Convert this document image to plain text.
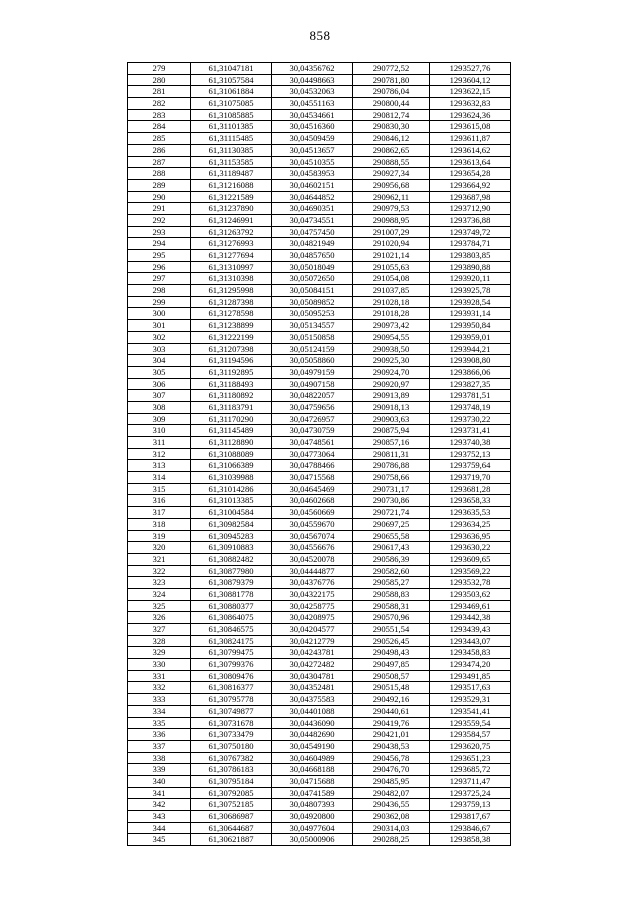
858
279	61,31047181	30,04356762	290772,52	1293527,76
280	61,31057584	30,04498663	290781,80	1293604,12
281	61,31061884	30,04532063	290786,04	1293622,15
282	61,31075085	30,04551163	290800,44	1293632,83
283	61,31085885	30,04534661	290812,74	1293624,36
284	61,31101385	30,04516360	290830,30	1293615,08
285	61,31115485	30,04509459	290846,12	1293611,87
286	61,31130385	30,04513657	290862,65	1293614,62
287	61,31153585	30,04510355	290888,55	1293613,64
288	61,31189487	30,04583953	290927,34	1293654,28
289	61,31216088	30,04602151	290956,68	1293664,92
290	61,31221589	30,04644852	290962,11	1293687,98
291	61,31237890	30,04690351	290979,53	1293712,90
292	61,31246991	30,04734551	290988,95	1293736,88
293	61,31263792	30,04757450	291007,29	1293749,72
294	61,31276993	30,04821949	291020,94	1293784,71
295	61,31277694	30,04857650	291021,14	1293803,85
296	61,31310997	30,05018049	291055,63	1293890,88
297	61,31310398	30,05072650	291054,08	1293920,11
298	61,31295998	30,05084151	291037,85	1293925,78
299	61,31287398	30,05089852	291028,18	1293928,54
300	61,31278598	30,05095253	291018,28	1293931,14
301	61,31238899	30,05134557	290973,42	1293950,84
302	61,31222199	30,05150858	290954,55	1293959,01
303	61,31207398	30,05124159	290938,50	1293944,21
304	61,31194596	30,05058860	290925,30	1293908,80
305	61,31192895	30,04979159	290924,70	1293866,06
306	61,31188493	30,04907158	290920,97	1293827,35
307	61,31180892	30,04822057	290913,89	1293781,51
308	61,31183791	30,04759656	290918,13	1293748,19
309	61,31170290	30,04726957	290903,63	1293730,22
310	61,31145489	30,04730759	290875,94	1293731,41
311	61,31128890	30,04748561	290857,16	1293740,38
312	61,31088089	30,04773064	290811,31	1293752,13
313	61,31066389	30,04788466	290786,88	1293759,64
314	61,31039988	30,04715568	290758,66	1293719,70
315	61,31014286	30,04645469	290731,17	1293681,28
316	61,31013385	30,04602668	290730,86	1293658,33
317	61,31004584	30,04560669	290721,74	1293635,53
318	61,30982584	30,04559670	290697,25	1293634,25
319	61,30945283	30,04567074	290655,58	1293636,95
320	61,30910883	30,04556676	290617,43	1293630,22
321	61,30882482	30,04520078	290586,39	1293609,65
322	61,30877980	30,04444877	290582,60	1293569,22
323	61,30879379	30,04376776	290585,27	1293532,78
324	61,30881778	30,04322175	290588,83	1293503,62
325	61,30880377	30,04258775	290588,31	1293469,61
326	61,30864075	30,04208975	290570,96	1293442,38
327	61,30846575	30,04204577	290551,54	1293439,43
328	61,30824175	30,04212779	290526,45	1293443,07
329	61,30799475	30,04243781	290498,43	1293458,83
330	61,30799376	30,04272482	290497,85	1293474,20
331	61,30809476	30,04304781	290508,57	1293491,85
332	61,30816377	30,04352481	290515,48	1293517,63
333	61,30795778	30,04375583	290492,16	1293529,31
334	61,30749877	30,04401088	290440,61	1293541,41
335	61,30731678	30,04436090	290419,76	1293559,54
336	61,30733479	30,04482690	290421,01	1293584,57
337	61,30750180	30,04549190	290438,53	1293620,75
338	61,30767382	30,04604989	290456,78	1293651,23
339	61,30786183	30,04668188	290476,70	1293685,72
340	61,30795184	30,04715688	290485,95	1293711,47
341	61,30792085	30,04741589	290482,07	1293725,24
342	61,30752185	30,04807393	290436,55	1293759,13
343	61,30686987	30,04920800	290362,08	1293817,67
344	61,30644687	30,04977604	290314,03	1293846,67
345	61,30621887	30,05000906	290288,25	1293858,38
